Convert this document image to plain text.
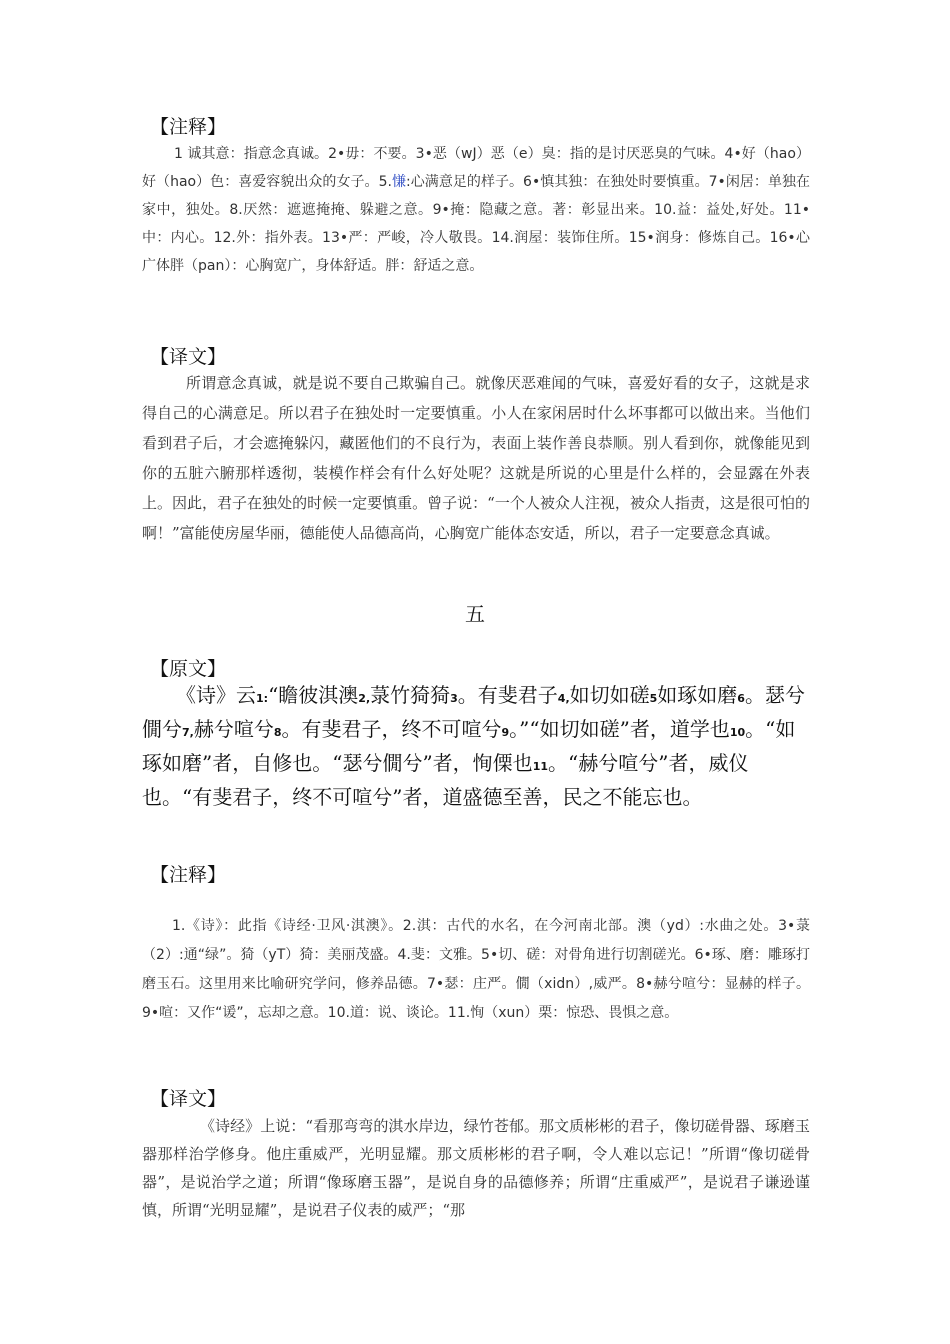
【注释】

1 诚其意：指意念真诚。2•毋：不要。3•恶（wJ）恶（e）臭：指的是讨厌恶臭的气味。4•好（hao）好（hao）色：喜爱容貌出众的女子。5.慊:心满意足的样子。6•慎其独：在独处时要慎重。7•闲居：单独在家中，独处。8.厌然：遮遮掩掩、躲避之意。9•掩：隐藏之意。著：彰显出来。10.益：益处,好处。11•中：内心。12.外：指外表。13•严：严峻，冷人敬畏。14.润屋：装饰住所。15•润身：修炼自己。16•心广体胖（pan）：心胸宽广，身体舒适。胖：舒适之意。

【译文】

所谓意念真诚，就是说不要自己欺骗自己。就像厌恶难闻的气味，喜爱好看的女子，这就是求得自己的心满意足。所以君子在独处时一定要慎重。小人在家闲居时什么坏事都可以做出来。当他们看到君子后，才会遮掩躲闪，藏匿他们的不良行为，表面上装作善良恭顺。别人看到你，就像能见到你的五脏六腑那样透彻，装模作样会有什么好处呢？这就是所说的心里是什么样的，会显露在外表上。因此，君子在独处的时候一定要慎重。曾子说：“一个人被众人注视，被众人指责，这是很可怕的啊！”富能使房屋华丽，德能使人品德高尚，心胸宽广能体态安适，所以，君子一定要意念真诚。

五
【原文】

《诗》云1:“瞻彼淇澳2,菉竹猗猗3。有斐君子4,如切如磋5如琢如磨6。瑟兮僩兮7,赫兮喧兮8。有斐君子，终不可喧兮9。”“如切如磋”者，道学也10。“如琢如磨”者，自修也。“瑟兮僩兮”者，恂傈也11。“赫兮喧兮”者，威仪也。“有斐君子，终不可喧兮”者，道盛德至善，民之不能忘也。

【注释】

1.《诗》：此指《诗经·卫风·淇澳》。2.淇：古代的水名，在今河南北部。澳（yd）:水曲之处。3•菉（2）:通“绿”。猗（yT）猗：美丽茂盛。4.斐：文雅。5•切、磋：对骨角进行切割磋光。6•琢、磨：雕琢打磨玉石。这里用来比喻研究学问，修养品德。7•瑟：庄严。僩（xidn）,威严。8•赫兮喧兮：显赫的样子。9•喧：又作“谖”，忘却之意。10.道：说、谈论。11.恂（xun）栗：惊恐、畏惧之意。

【译文】

《诗经》上说：“看那弯弯的淇水岸边，绿竹苍郁。那文质彬彬的君子，像切磋骨器、琢磨玉器那样治学修身。他庄重威严，光明显耀。那文质彬彬的君子啊，令人难以忘记！”所谓“像切磋骨器”，是说治学之道；所谓“像琢磨玉器”，是说自身的品德修养；所谓“庄重威严”，是说君子谦逊谨慎，所谓“光明显耀”，是说君子仪表的威严；“那
